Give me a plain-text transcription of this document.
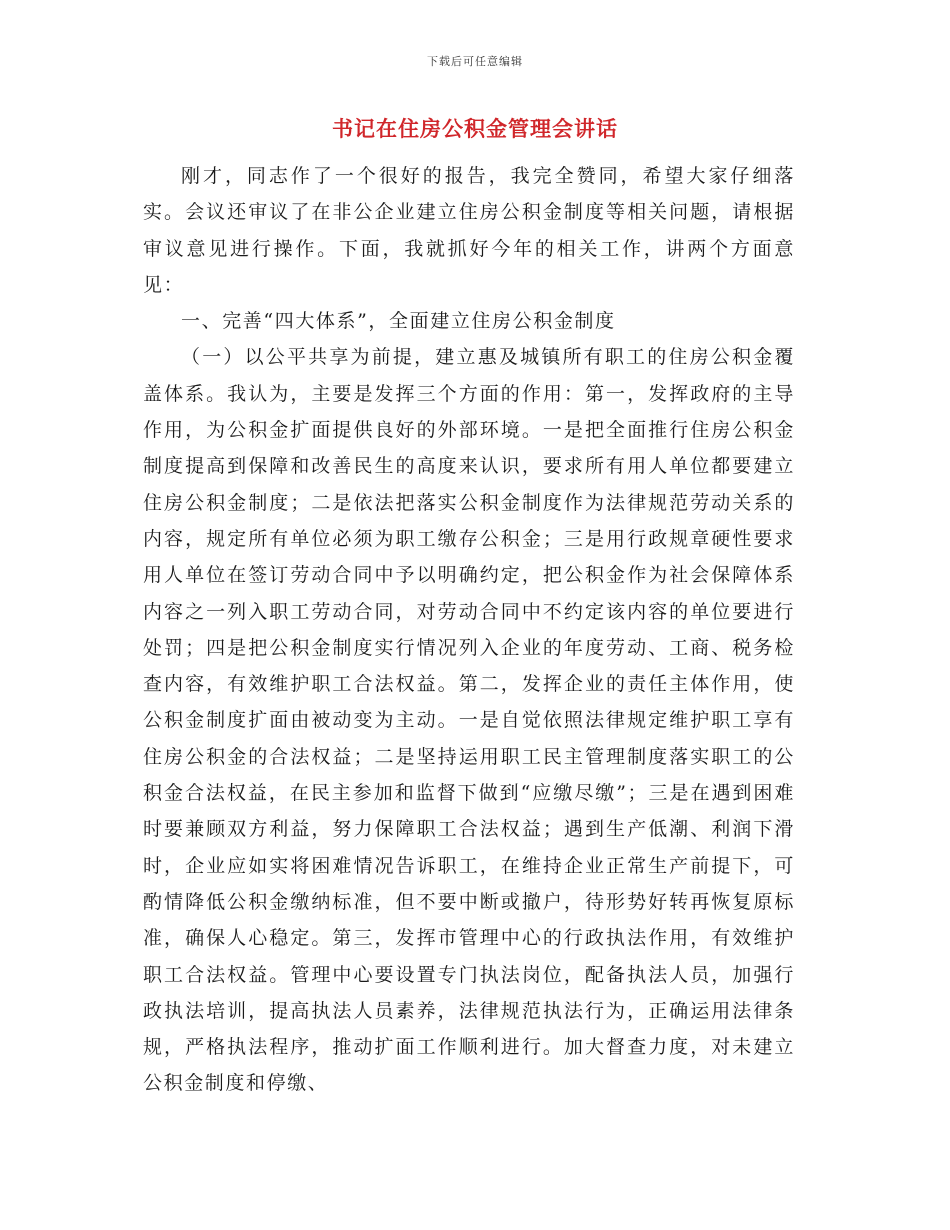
下载后可任意编辑
书记在住房公积金管理会讲话

刚才，同志作了一个很好的报告，我完全赞同，希望大家仔细落实。会议还审议了在非公企业建立住房公积金制度等相关问题，请根据审议意见进行操作。下面，我就抓好今年的相关工作，讲两个方面意见：

一、完善“四大体系”，全面建立住房公积金制度

（一）以公平共享为前提，建立惠及城镇所有职工的住房公积金覆盖体系。我认为，主要是发挥三个方面的作用：第一，发挥政府的主导作用，为公积金扩面提供良好的外部环境。一是把全面推行住房公积金制度提高到保障和改善民生的高度来认识，要求所有用人单位都要建立住房公积金制度；二是依法把落实公积金制度作为法律规范劳动关系的内容，规定所有单位必须为职工缴存公积金；三是用行政规章硬性要求用人单位在签订劳动合同中予以明确约定，把公积金作为社会保障体系内容之一列入职工劳动合同，对劳动合同中不约定该内容的单位要进行处罚；四是把公积金制度实行情况列入企业的年度劳动、工商、税务检查内容，有效维护职工合法权益。第二，发挥企业的责任主体作用，使公积金制度扩面由被动变为主动。一是自觉依照法律规定维护职工享有住房公积金的合法权益；二是坚持运用职工民主管理制度落实职工的公积金合法权益，在民主参加和监督下做到“应缴尽缴”；三是在遇到困难时要兼顾双方利益，努力保障职工合法权益；遇到生产低潮、利润下滑时，企业应如实将困难情况告诉职工，在维持企业正常生产前提下，可酌情降低公积金缴纳标准，但不要中断或撤户，待形势好转再恢复原标准，确保人心稳定。第三，发挥市管理中心的行政执法作用，有效维护职工合法权益。管理中心要设置专门执法岗位，配备执法人员，加强行政执法培训，提高执法人员素养，法律规范执法行为，正确运用法律条规，严格执法程序，推动扩面工作顺利进行。加大督查力度，对未建立公积金制度和停缴、
